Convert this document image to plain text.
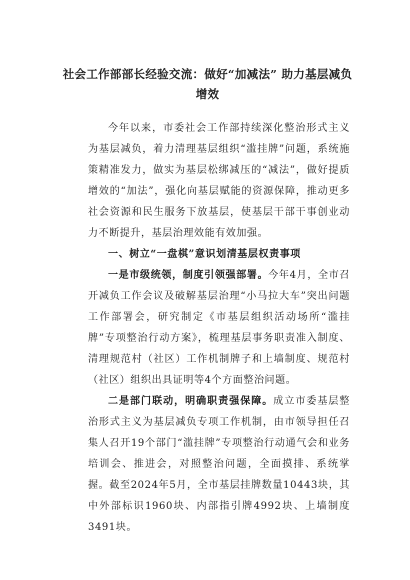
社会工作部部长经验交流：做好“加减法” 助力基层减负增效

今年以来，市委社会工作部持续深化整治形式主义为基层减负，着力清理基层组织“滥挂牌”问题，系统施策精准发力，做实为基层松绑减压的“减法”，做好提质增效的“加法”，强化向基层赋能的资源保障，推动更多社会资源和民生服务下放基层，使基层干部干事创业动力不断提升，基层治理效能有效加强。

一、树立“一盘棋”意识划清基层权责事项

一是市级统领，制度引领强部署。今年4月，全市召开减负工作会议及破解基层治理“小马拉大车”突出问题工作部署会，研究制定《市基层组织活动场所“滥挂牌”专项整治行动方案》，梳理基层事务职责准入制度、清理规范村（社区）工作机制牌子和上墙制度、规范村（社区）组织出具证明等4个方面整治问题。

二是部门联动，明确职责强保障。成立市委基层整治形式主义为基层减负专项工作机制，由市领导担任召集人召开19个部门“滥挂牌”专项整治行动通气会和业务培训会、推进会，对照整治问题，全面摸排、系统掌握。截至2024年5月，全市基层挂牌数量10443块，其中外部标识1960块、内部指引牌4992块、上墙制度3491块。
